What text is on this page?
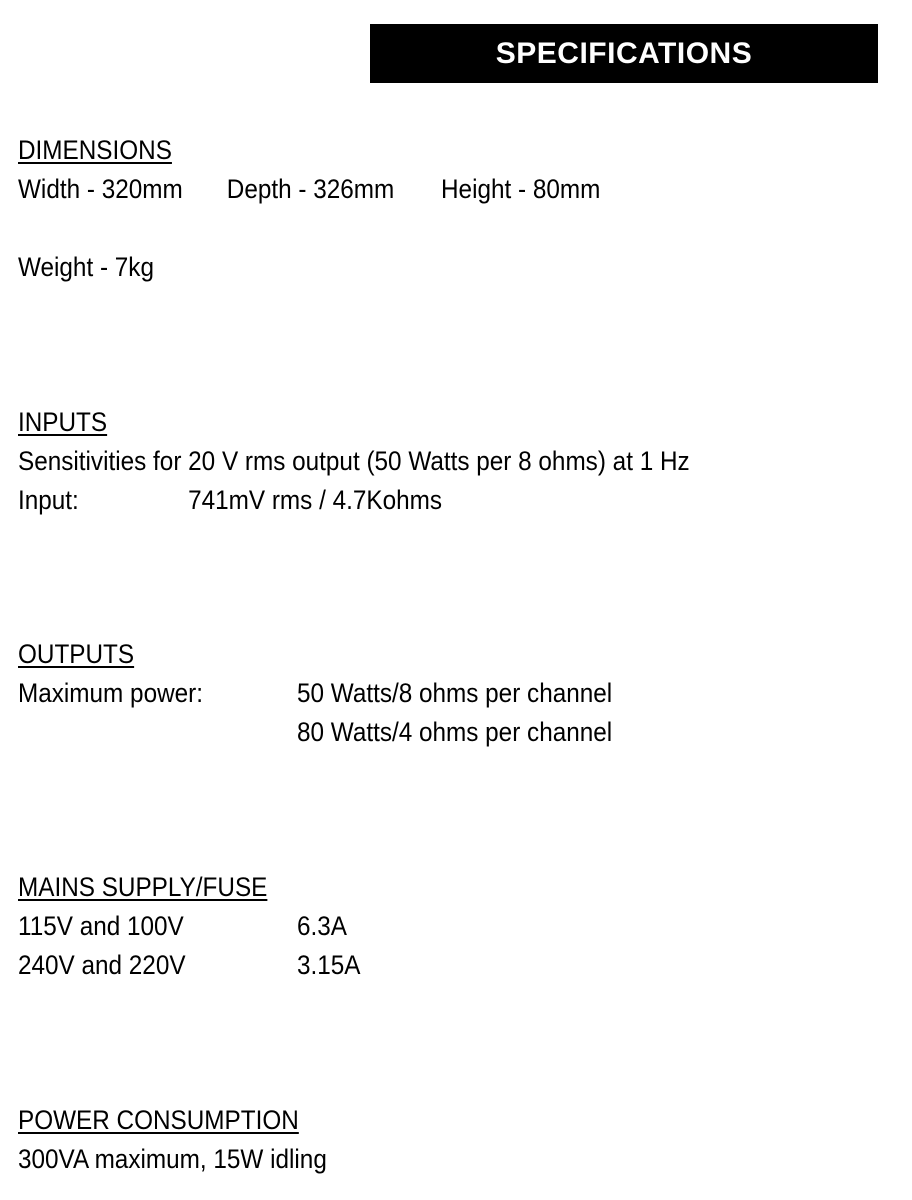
SPECIFICATIONS
DIMENSIONS
Width - 320mm Depth - 326mm Height - 80mm
Weight - 7kg
INPUTS
Sensitivities for 20 V rms output (50 Watts per 8 ohms) at 1 Hz
Input:	741mV rms / 4.7Kohms
OUTPUTS
Maximum power:	50 Watts/8 ohms per channel
80 Watts/4 ohms per channel
MAINS SUPPLY/FUSE
115V and 100V	6.3A
240V and 220V	3.15A
POWER CONSUMPTION
300VA maximum, 15W idling
